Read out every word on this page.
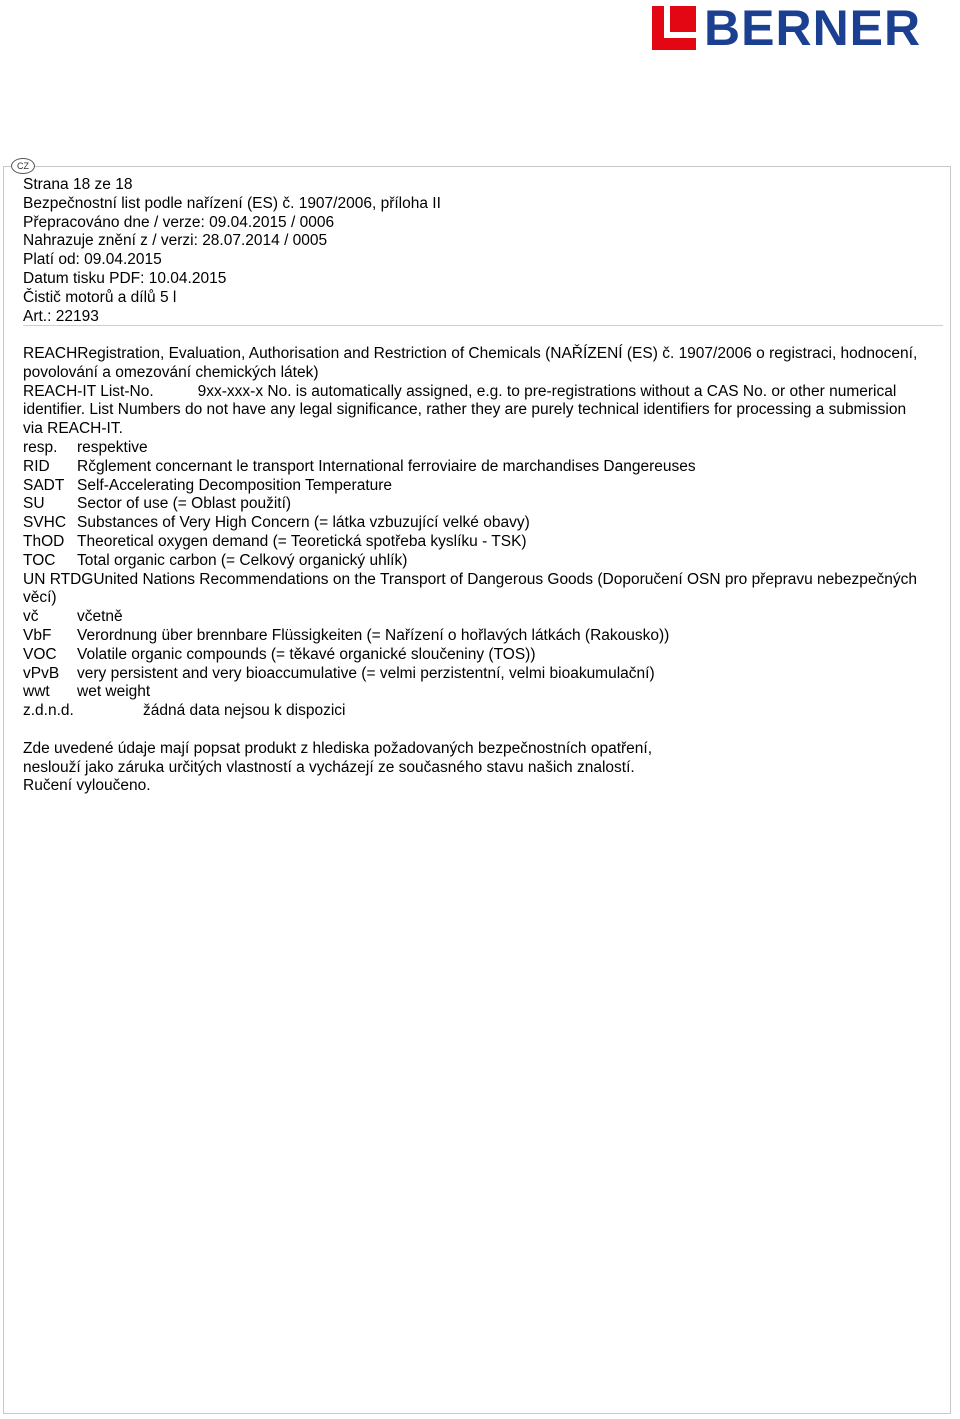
BERNER
CZ
Strana 18 ze 18
Bezpečnostní list podle nařízení (ES) č. 1907/2006, příloha II
Přepracováno dne / verze: 09.04.2015 / 0006
Nahrazuje znění z / verzi: 28.07.2014 / 0005
Platí od: 09.04.2015
Datum tisku PDF: 10.04.2015
Čistič motorů a dílů 5 l
Art.: 22193
REACHRegistration, Evaluation, Authorisation and Restriction of Chemicals (NAŘÍZENÍ (ES) č. 1907/2006 o registraci, hodnocení, povolování a omezování chemických látek)
REACH-IT List-No.	9xx-xxx-x No. is automatically assigned, e.g. to pre-registrations without a CAS No. or other numerical identifier. List Numbers do not have any legal significance, rather they are purely technical identifiers for processing a submission via REACH-IT.
resp. respektive
RID Rčglement concernant le transport International ferroviaire de marchandises Dangereuses
SADT Self-Accelerating Decomposition Temperature
SU Sector of use (= Oblast použití)
SVHC Substances of Very High Concern (= látka vzbuzující velké obavy)
ThOD Theoretical oxygen demand (= Teoretická spotřeba kyslíku - TSK)
TOC Total organic carbon (= Celkový organický uhlík)
UN RTDGUnited Nations Recommendations on the Transport of Dangerous Goods (Doporučení OSN pro přepravu nebezpečných věcí)
vč včetně
VbF Verordnung über brennbare Flüssigkeiten (= Nařízení o hořlavých látkách (Rakousko))
VOC Volatile organic compounds (= těkavé organické sloučeniny (TOS))
vPvB very persistent and very bioaccumulative (= velmi perzistentní, velmi bioakumulační)
wwt wet weight
z.d.n.d.	žádná data nejsou k dispozici
Zde uvedené údaje mají popsat produkt z hlediska požadovaných bezpečnostních opatření,
neslouží jako záruka určitých vlastností a vycházejí ze současného stavu našich znalostí.
Ručení vyloučeno.
